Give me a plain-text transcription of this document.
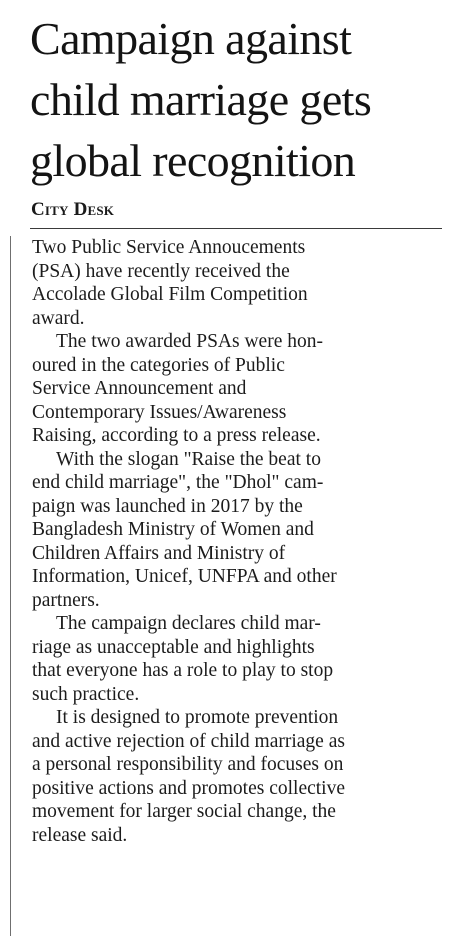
Campaign against
child marriage gets
global recognition

City Desk

Two Public Service Annoucements
(PSA) have recently received the
Accolade Global Film Competition
award.

The two awarded PSAs were hon-
oured in the categories of Public
Service Announcement and
Contemporary Issues/Awareness
Raising, according to a press release.

With the slogan "Raise the beat to
end child marriage", the "Dhol" cam-
paign was launched in 2017 by the
Bangladesh Ministry of Women and
Children Affairs and Ministry of
Information, Unicef, UNFPA and other
partners.

The campaign declares child mar-
riage as unacceptable and highlights
that everyone has a role to play to stop
such practice.

It is designed to promote prevention
and active rejection of child marriage as
a personal responsibility and focuses on
positive actions and promotes collective
movement for larger social change, the
release said.
